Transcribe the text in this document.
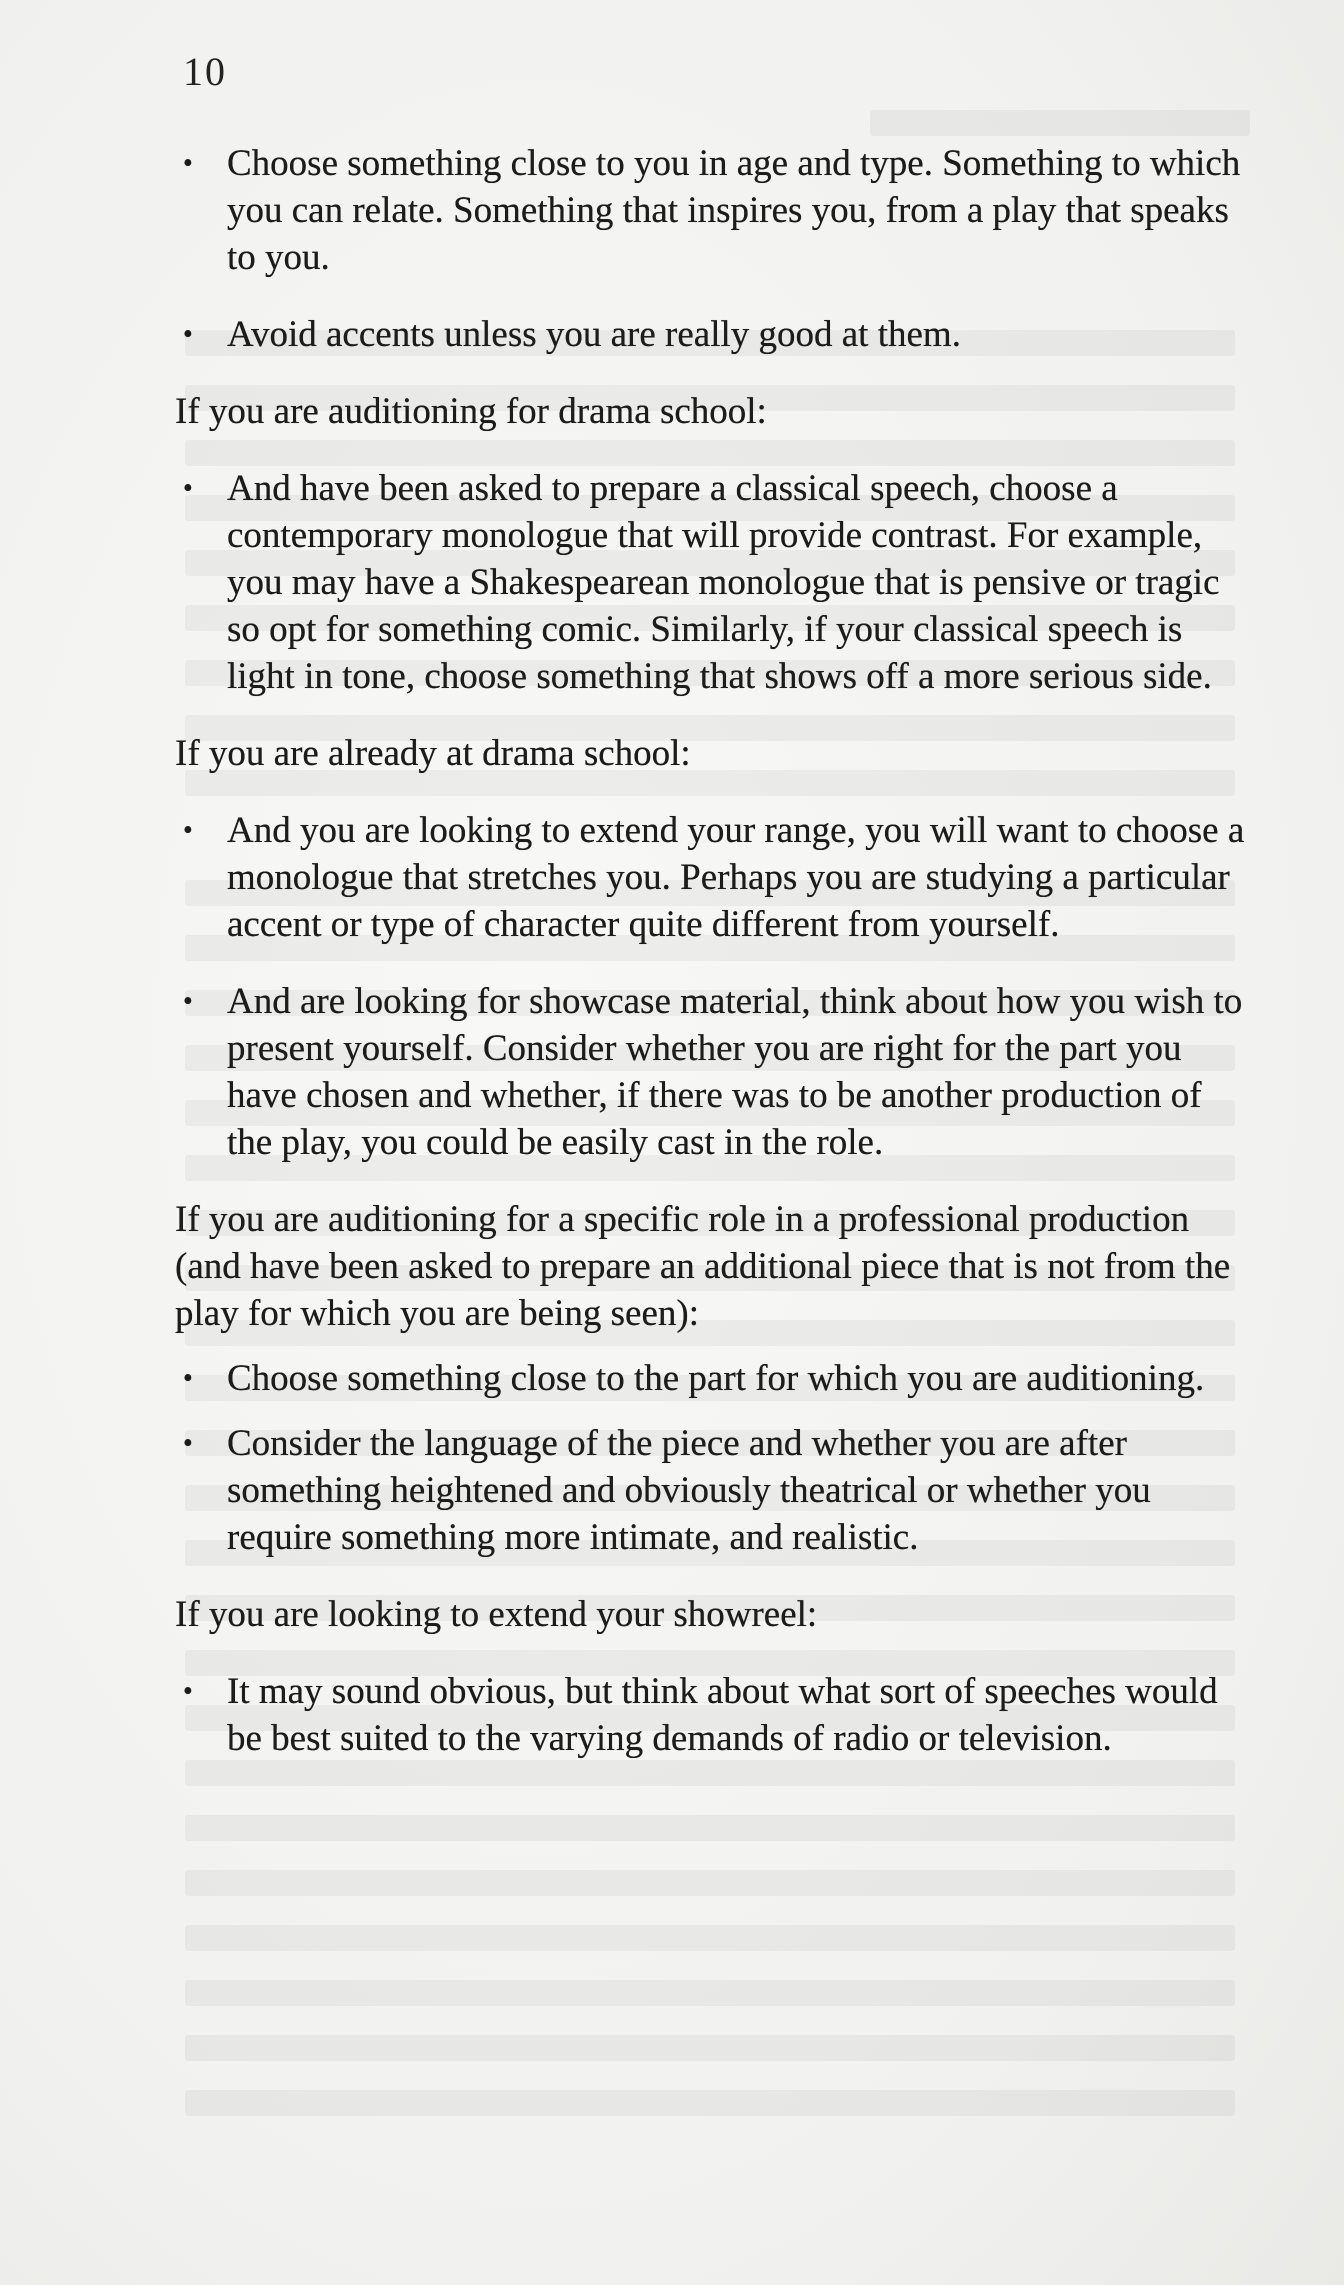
10
• Choose something close to you in age and type. Something to which you can relate. Something that inspires you, from a play that speaks to you.
• Avoid accents unless you are really good at them.

If you are auditioning for drama school:

• And have been asked to prepare a classical speech, choose a contemporary monologue that will provide contrast. For example, you may have a Shakespearean monologue that is pensive or tragic so opt for something comic. Similarly, if your classical speech is light in tone, choose something that shows off a more serious side.

If you are already at drama school:

• And you are looking to extend your range, you will want to choose a monologue that stretches you. Perhaps you are studying a particular accent or type of character quite different from yourself.
• And are looking for showcase material, think about how you wish to present yourself. Consider whether you are right for the part you have chosen and whether, if there was to be another production of the play, you could be easily cast in the role.

If you are auditioning for a specific role in a professional production (and have been asked to prepare an additional piece that is not from the play for which you are being seen):

• Choose something close to the part for which you are auditioning.
• Consider the language of the piece and whether you are after something heightened and obviously theatrical or whether you require something more intimate, and realistic.

If you are looking to extend your showreel:

• It may sound obvious, but think about what sort of speeches would be best suited to the varying demands of radio or television.
